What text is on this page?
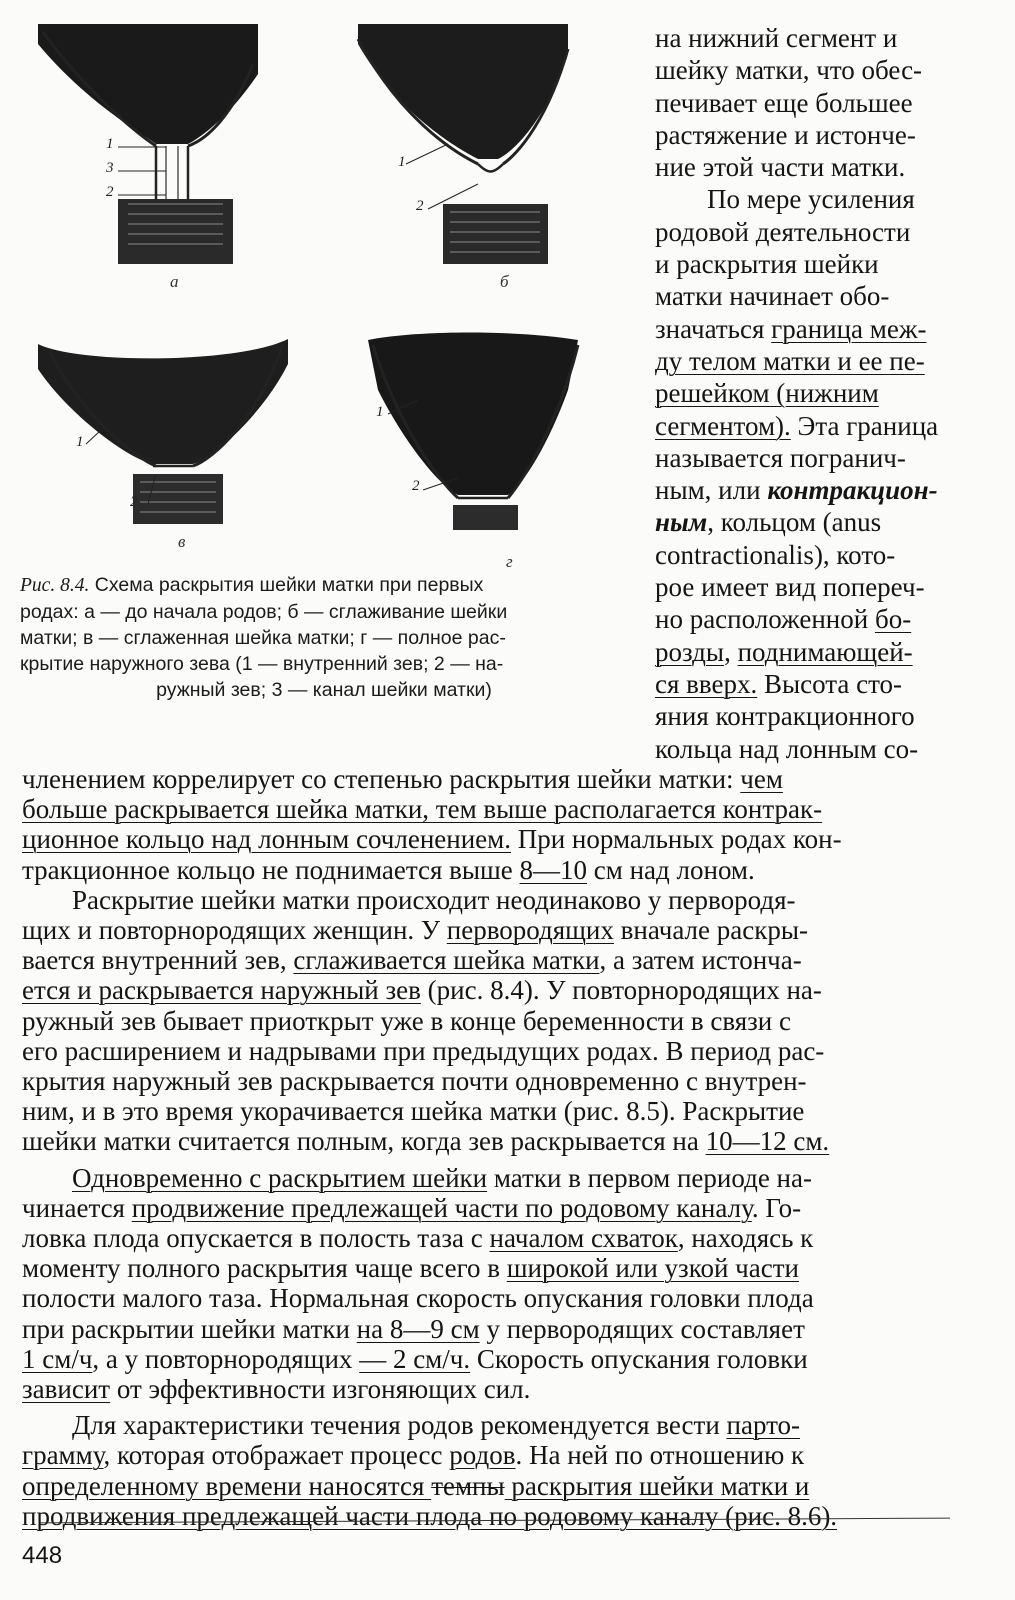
1
3
2
а
1
2
б
1
2
в
1
2
г
Рис. 8.4. Схема раскрытия шейки матки при первых
родах: а — до начала родов; б — сглаживание шейки
матки; в — сглаженная шейка матки; г — полное рас-
крытие наружного зева (1 — внутренний зев; 2 — на-
ружный зев; 3 — канал шейки матки)
на нижний сегмент и
шейку матки, что обес-
печивает еще большее
растяжение и истонче-
ние этой части матки.
По мере усиления
родовой деятельности
и раскрытия шейки
матки начинает обо-
значаться граница меж-
ду телом матки и ее пе-
решейком (нижним
сегментом). Эта граница
называется погранич-
ным, или контракцион-
ным, кольцом (anus
contractionalis), кото-
рое имеет вид попереч-
но расположенной бо-
розды, поднимающей-
ся вверх. Высота сто-
яния контракционного
кольца над лонным со-
членением коррелирует со степенью раскрытия шейки матки: чем
больше раскрывается шейка матки, тем выше располагается контрак-
ционное кольцо над лонным сочленением. При нормальных родах кон-
тракционное кольцо не поднимается выше 8—10 см над лоном.
Раскрытие шейки матки происходит неодинаково у первородя-
щих и повторнородящих женщин. У первородящих вначале раскры-
вается внутренний зев, сглаживается шейка матки, а затем истонча-
ется и раскрывается наружный зев (рис. 8.4). У повторнородящих на-
ружный зев бывает приоткрыт уже в конце беременности в связи с
его расширением и надрывами при предыдущих родах. В период рас-
крытия наружный зев раскрывается почти одновременно с внутрен-
ним, и в это время укорачивается шейка матки (рис. 8.5). Раскрытие
шейки матки считается полным, когда зев раскрывается на 10—12 см.
Одновременно с раскрытием шейки матки в первом периоде на-
чинается продвижение предлежащей части по родовому каналу. Го-
ловка плода опускается в полость таза с началом схваток, находясь к
моменту полного раскрытия чаще всего в широкой или узкой части
полости малого таза. Нормальная скорость опускания головки плода
при раскрытии шейки матки на 8—9 см у первородящих составляет
1 см/ч, а у повторнородящих — 2 см/ч. Скорость опускания головки
зависит от эффективности изгоняющих сил.
Для характеристики течения родов рекомендуется вести парто-
грамму, которая отображает процесс родов. На ней по отношению к
определенному времени наносятся темпы раскрытия шейки матки и
продвижения предлежащей части плода по родовому каналу (рис. 8.6).
448
